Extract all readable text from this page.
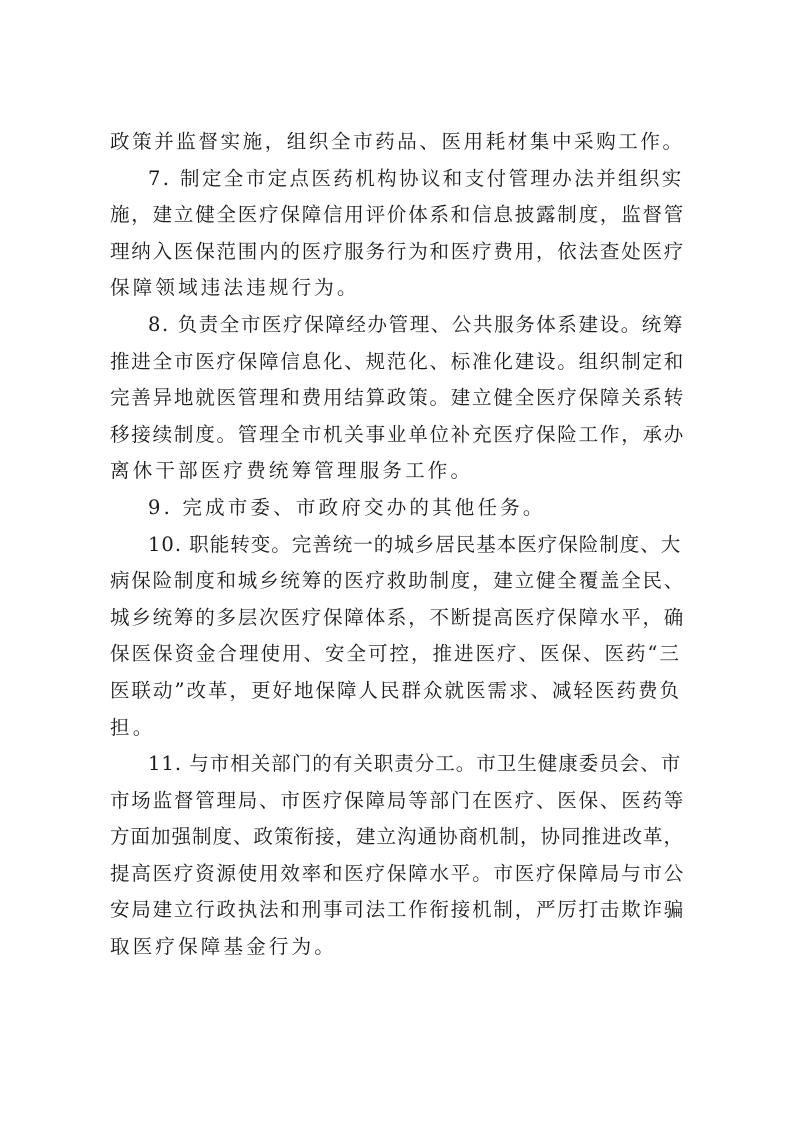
政策并监督实施，组织全市药品、医用耗材集中采购工作。
7. 制定全市定点医药机构协议和支付管理办法并组织实
施，建立健全医疗保障信用评价体系和信息披露制度，监督管
理纳入医保范围内的医疗服务行为和医疗费用，依法查处医疗
保障领域违法违规行为。
8. 负责全市医疗保障经办管理、公共服务体系建设。统筹
推进全市医疗保障信息化、规范化、标准化建设。组织制定和
完善异地就医管理和费用结算政策。建立健全医疗保障关系转
移接续制度。管理全市机关事业单位补充医疗保险工作，承办
离休干部医疗费统筹管理服务工作。
9. 完成市委、市政府交办的其他任务。
10. 职能转变。完善统一的城乡居民基本医疗保险制度、大
病保险制度和城乡统筹的医疗救助制度，建立健全覆盖全民、
城乡统筹的多层次医疗保障体系，不断提高医疗保障水平，确
保医保资金合理使用、安全可控，推进医疗、医保、医药“三
医联动”改革，更好地保障人民群众就医需求、减轻医药费负
担。
11. 与市相关部门的有关职责分工。市卫生健康委员会、市
市场监督管理局、市医疗保障局等部门在医疗、医保、医药等
方面加强制度、政策衔接，建立沟通协商机制，协同推进改革，
提高医疗资源使用效率和医疗保障水平。市医疗保障局与市公
安局建立行政执法和刑事司法工作衔接机制，严厉打击欺诈骗
取医疗保障基金行为。
